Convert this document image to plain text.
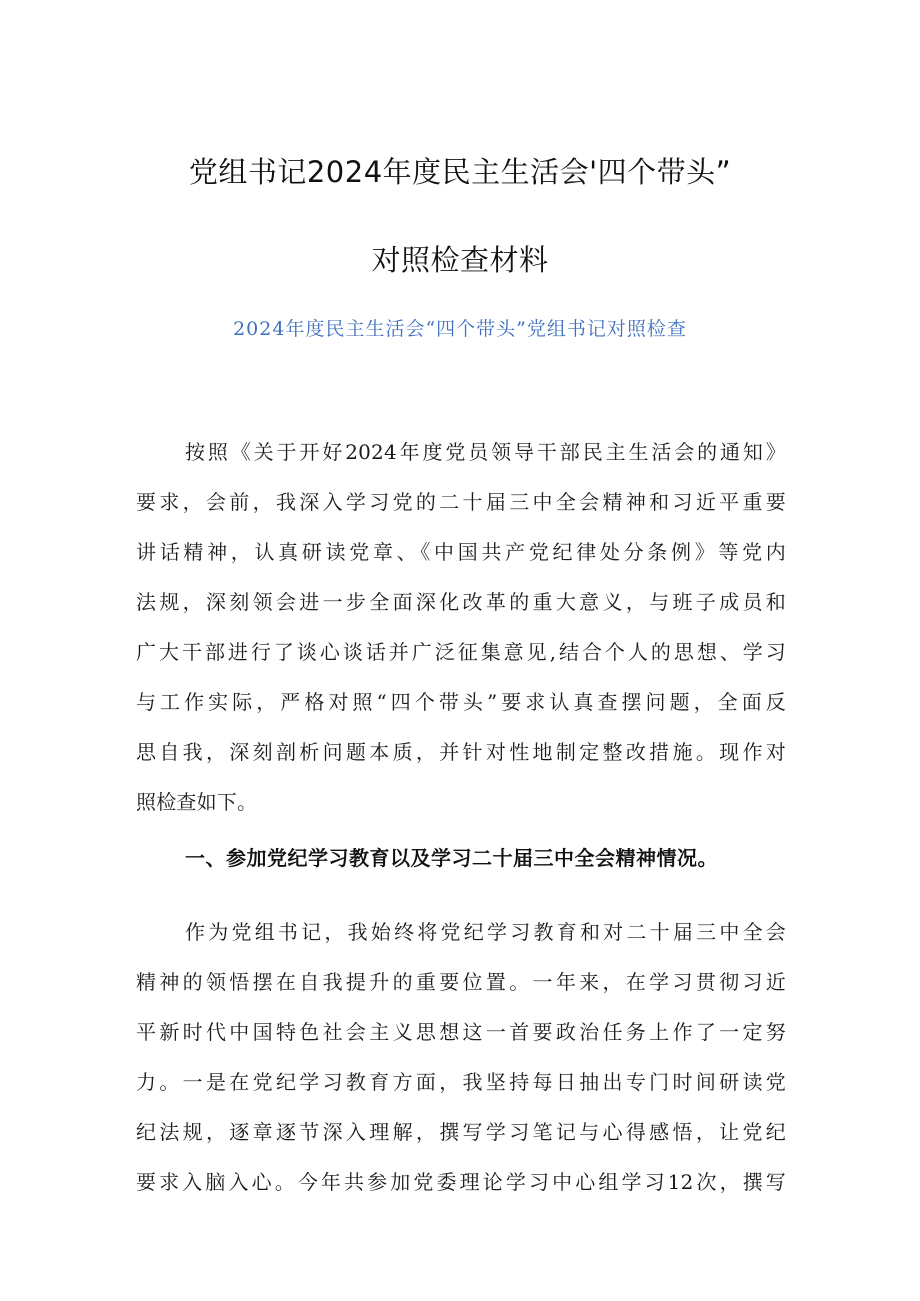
党组书记2024年度民主生活会'四个带头”
对照检查材料
2024年度民主生活会“四个带头”党组书记对照检查
按照《关于开好2024年度党员领导干部民主生活会的通知》
要求，会前，我深入学习党的二十届三中全会精神和习近平重要
讲话精神，认真研读党章、《中国共产党纪律处分条例》等党内
法规，深刻领会进一步全面深化改革的重大意义，与班子成员和
广大干部进行了谈心谈话并广泛征集意见,结合个人的思想、学习
与工作实际，严格对照“四个带头”要求认真查摆问题，全面反
思自我，深刻剖析问题本质，并针对性地制定整改措施。现作对
照检查如下。
一、参加党纪学习教育以及学习二十届三中全会精神情况。
作为党组书记，我始终将党纪学习教育和对二十届三中全会
精神的领悟摆在自我提升的重要位置。一年来，在学习贯彻习近
平新时代中国特色社会主义思想这一首要政治任务上作了一定努
力。一是在党纪学习教育方面，我坚持每日抽出专门时间研读党
纪法规，逐章逐节深入理解，撰写学习笔记与心得感悟，让党纪
要求入脑入心。今年共参加党委理论学习中心组学习12次，撰写
